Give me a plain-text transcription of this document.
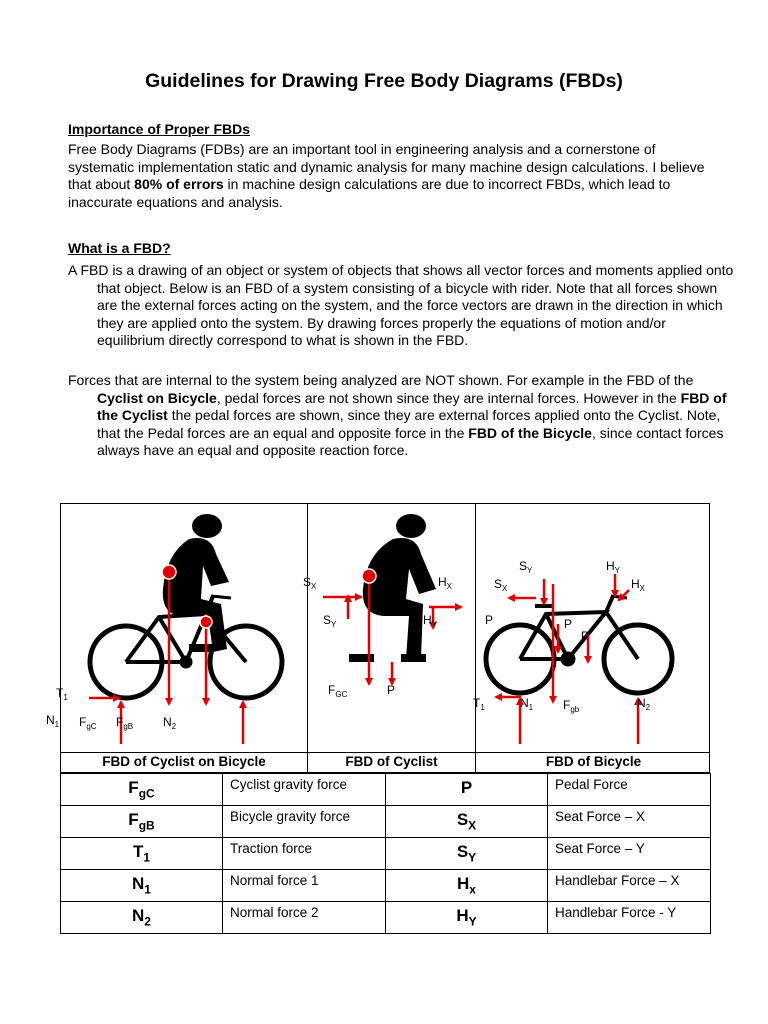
Guidelines for Drawing Free Body Diagrams (FBDs)

Importance of Proper FBDs

Free Body Diagrams (FDBs) are an important tool in engineering analysis and a cornerstone of systematic implementation static and dynamic analysis for many machine design calculations. I believe that about 80% of errors in machine design calculations are due to incorrect FBDs, which lead to inaccurate equations and analysis.

What is a FBD?

A FBD is a drawing of an object or system of objects that shows all vector forces and moments applied onto that object. Below is an FBD of a system consisting of a bicycle with rider. Note that all forces shown are the external forces acting on the system, and the force vectors are drawn in the direction in which they are applied onto the system. By drawing forces properly the equations of motion and/or equilibrium directly correspond to what is shown in the FBD.

Forces that are internal to the system being analyzed are NOT shown. For example in the FBD of the Cyclist on Bicycle, pedal forces are not shown since they are internal forces. However in the FBD of the Cyclist the pedal forces are shown, since they are external forces applied onto the Cyclist. Note, that the Pedal forces are an equal and opposite force in the FBD of the Bicycle, since contact forces always have an equal and opposite reaction force.

$T_1$
$N_1$ $F_{gC}$ $F_{gB}$ $N_2$
$S_X$	$H_X$
$S_Y$	$H_Y$
$F_{GC}$	P
$S_Y$	$H_Y$
$S_X$	$H_X$
P	P
P
$T_1$	$N_1$ $F_{gb}$	$N_2$
FBD of Cyclist on Bicycle	FBD of Cyclist	FBD of Bicycle
$F_{gC}$	Cyclist gravity force	P	Pedal Force
$F_{gB}$	Bicycle gravity force	$S_X$	Seat Force – X
$T_1$	Traction force	$S_Y$	Seat Force – Y
$N_1$	Normal force 1	$H_x$	Handlebar Force – X
$N_2$	Normal force 2	$H_Y$	Handlebar Force - Y
